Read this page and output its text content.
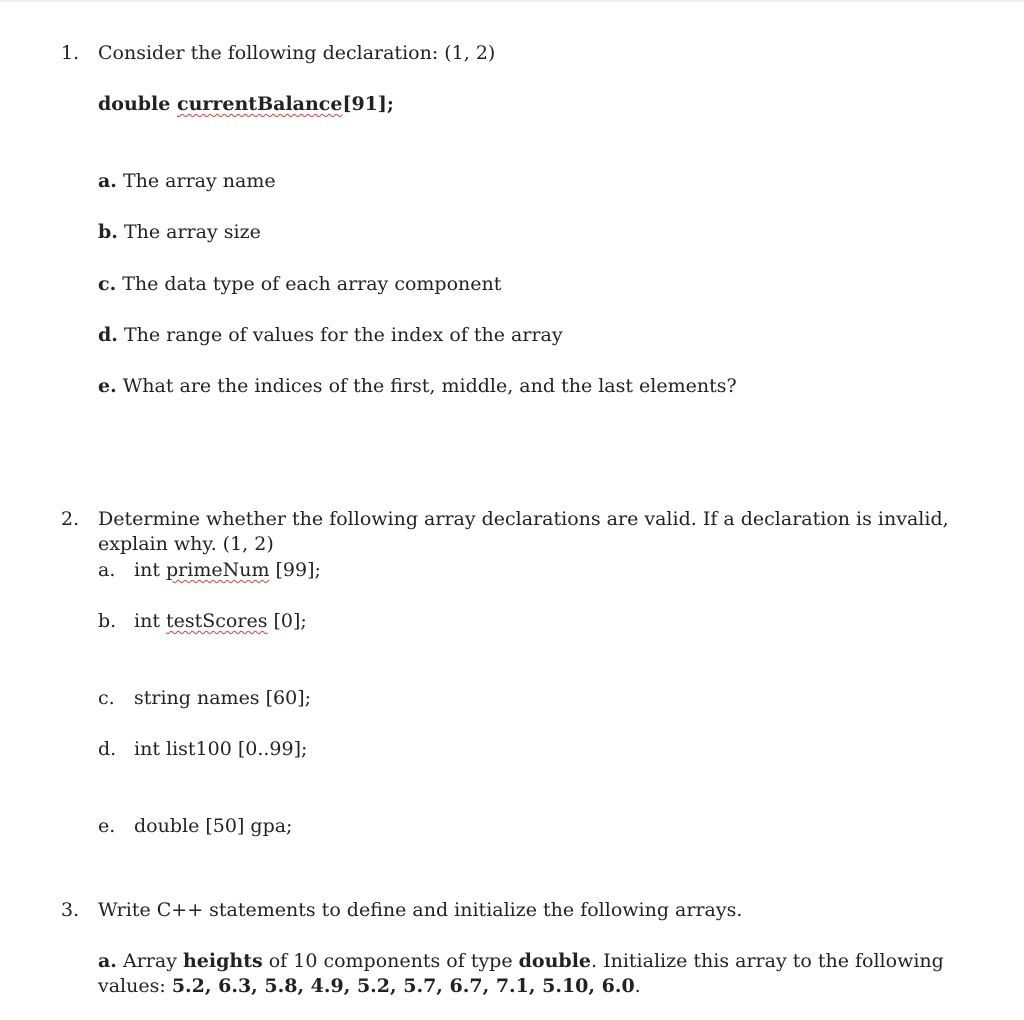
1. Consider the following declaration: (1, 2)
double currentBalance[91];
a. The array name
b. The array size
c. The data type of each array component
d. The range of values for the index of the array
e. What are the indices of the first, middle, and the last elements?
2. Determine whether the following array declarations are valid. If a declaration is invalid,
explain why. (1, 2)
a. int primeNum [99];
b. int testScores [0];
c. string names [60];
d. int list100 [0..99];
e. double [50] gpa;
3. Write C++ statements to define and initialize the following arrays.
a. Array heights of 10 components of type double. Initialize this array to the following
values: 5.2, 6.3, 5.8, 4.9, 5.2, 5.7, 6.7, 7.1, 5.10, 6.0.
